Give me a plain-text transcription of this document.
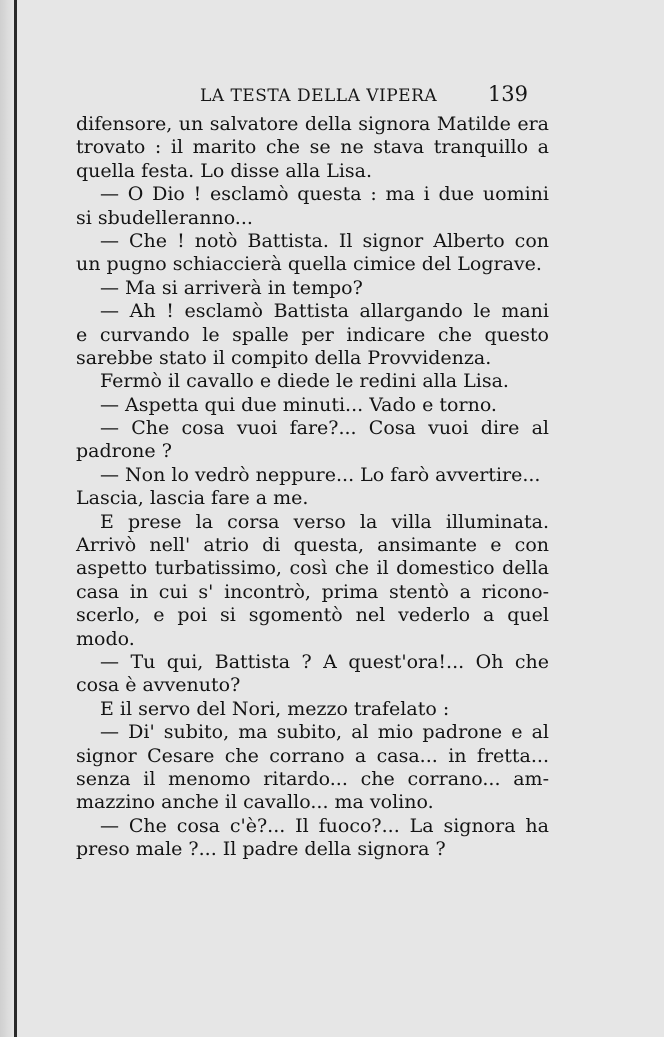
LA TESTA DELLA VIPERA 139
difensore, un salvatore della signora Matilde era
trovato : il marito che se ne stava tranquillo a
quella festa. Lo disse alla Lisa.
— O Dio ! esclamò questa : ma i due uomini
si sbudelleranno...
— Che ! notò Battista. Il signor Alberto con
un pugno schiaccierà quella cimice del Lograve.
— Ma si arriverà in tempo?
— Ah ! esclamò Battista allargando le mani
e curvando le spalle per indicare che questo
sarebbe stato il compito della Provvidenza.
Fermò il cavallo e diede le redini alla Lisa.
— Aspetta qui due minuti... Vado e torno.
— Che cosa vuoi fare?... Cosa vuoi dire al
padrone ?
— Non lo vedrò neppure... Lo farò avvertire...
Lascia, lascia fare a me.
E prese la corsa verso la villa illuminata.
Arrivò nell' atrio di questa, ansimante e con
aspetto turbatissimo, così che il domestico della
casa in cui s' incontrò, prima stentò a ricono-
scerlo, e poi si sgomentò nel vederlo a quel
modo.
— Tu qui, Battista ? A quest'ora!... Oh che
cosa è avvenuto?
E il servo del Nori, mezzo trafelato :
— Di' subito, ma subito, al mio padrone e al
signor Cesare che corrano a casa... in fretta...
senza il menomo ritardo... che corrano... am-
mazzino anche il cavallo... ma volino.
— Che cosa c'è?... Il fuoco?... La signora ha
preso male ?... Il padre della signora ?
